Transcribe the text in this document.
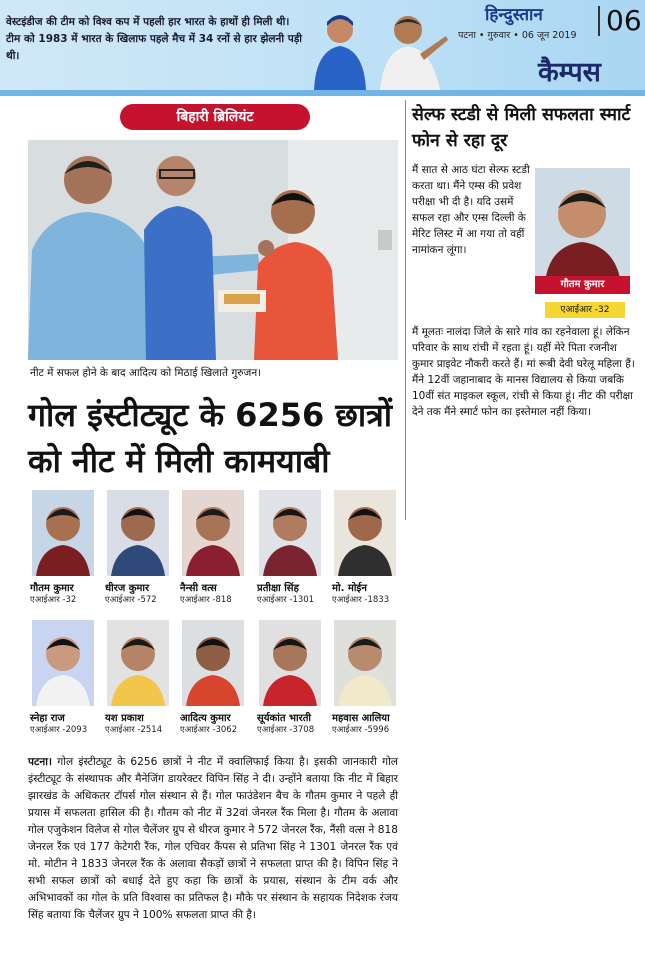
वेस्टइंडीज की टीम को विश्व कप में पहली हार भारत के हाथों ही मिली थी। टीम को 1983 में भारत के खिलाफ पहले मैच में 34 रनों से हार झेलनी पड़ी थी।
हिन्दुस्तान
पटना • गुरुवार • 06 जून 2019 06
कैम्पस
बिहारी ब्रिलियंट
नीट में सफल होने के बाद आदित्य को मिठाई खिलाते गुरुजन।
गोल इंस्टीट्यूट के 6256 छात्रों को नीट में मिली कामयाबी
सेल्फ स्टडी से मिली सफलता स्मार्ट फोन से रहा दूर
मैं सात से आठ घंटा सेल्फ स्टडी करता था। मैंने एम्स की प्रवेश परीक्षा भी दी है। यदि उसमें सफल रहा और एम्स दिल्ली के मेरिट लिस्ट में आ गया तो वहीं नामांकन लूंगा।
गौतम कुमार
एआईआर -32
मैं मूलतः नालंदा जिले के सारे गांव का रहनेवाला हूं। लेकिन परिवार के साथ रांची में रहता हूं। यहीं मेरे पिता रजनीश कुमार प्राइवेट नौकरी करते हैं। मां रूबी देवी घरेलू महिला हैं। मैंने 12वीं जहानाबाद के मानस विद्यालय से किया जबकि 10वीं संत माइकल स्कूल, रांची से किया हूं। नीट की परीक्षा देने तक मैंने स्मार्ट फोन का इस्तेमाल नहीं किया।
गौतम कुमार
एआईआर -32
धीरज कुमार
एआईआर -572
नैन्सी वत्स
एआईआर -818
प्रतीक्षा सिंह
एआईआर -1301
मो. मोईन
एआईआर -1833
स्नेहा राज
एआईआर -2093
यश प्रकाश
एआईआर -2514
आदित्य कुमार
एआईआर -3062
सूर्यकांत भारती
एआईआर -3708
महवास आलिया
एआईआर -5996
पटना। गोल इंस्टीट्यूट के 6256 छात्रों ने नीट में क्वालिफाई किया है। इसकी जानकारी गोल इंस्टीट्यूट के संस्थापक और मैनेजिंग डायरेक्टर विपिन सिंह ने दी। उन्होंने बताया कि नीट में बिहार झारखंड के अधिकतर टॉपर्स गोल संस्थान से हैं। गोल फाउंडेशन बैच के गौतम कुमार ने पहले ही प्रयास में सफलता हासिल की है। गौतम को नीट में 32वां जेनरल रैंक मिला है। गौतम के अलावा गोल एजुकेशन विलेज से गोल चैलेंजर ग्रुप से धीरज कुमार ने 572 जेनरल रैंक, नैंसी वत्स ने 818 जेनरल रैंक एवं 177 केटेगरी रैंक, गोल एचिवर कैंपस से प्रतिभा सिंह ने 1301 जेनरल रैंक एवं मो. मोटीन ने 1833 जेनरल रैंक के अलावा सैकड़ों छात्रों ने सफलता प्राप्त की है। विपिन सिंह ने सभी सफल छात्रों को बधाई देते हुए कहा कि छात्रों के प्रयास, संस्थान के टीम वर्क और अभिभावकों का गोल के प्रति विश्वास का प्रतिफल है। मौके पर संस्थान के सहायक निदेशक रंजय सिंह बताया कि चैलेंजर ग्रुप ने 100% सफलता प्राप्त की है।
